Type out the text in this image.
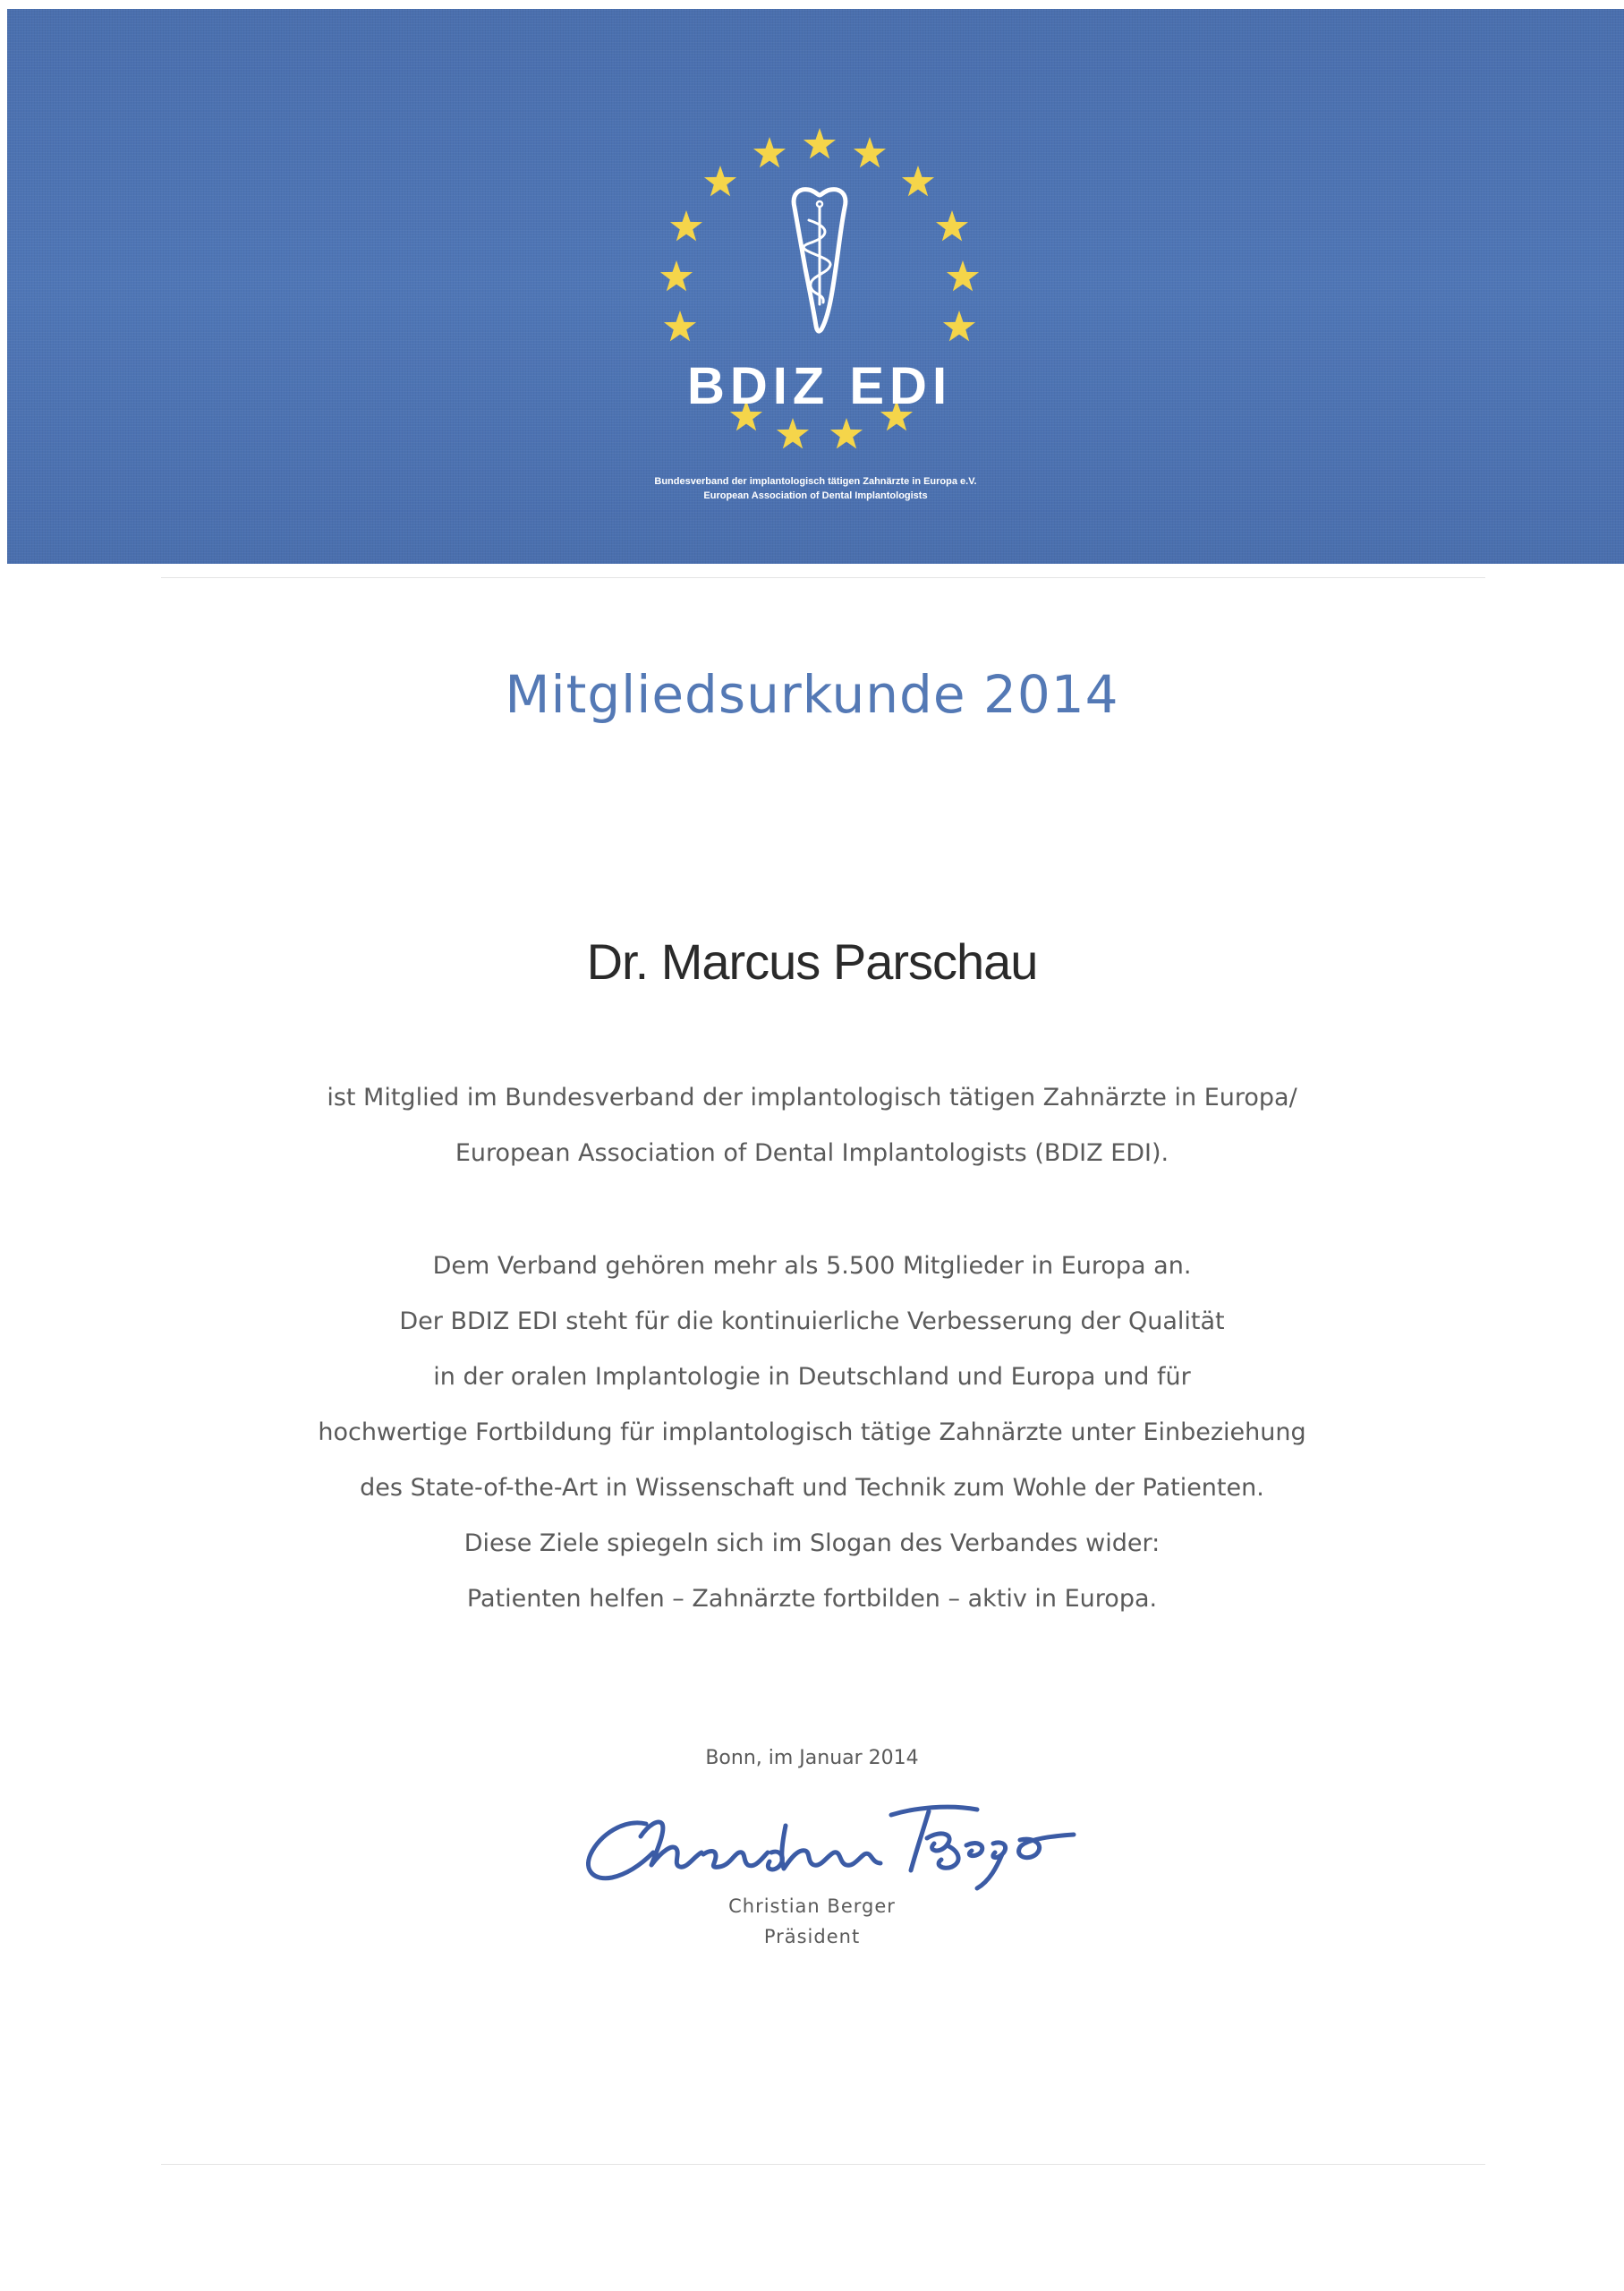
BDIZ EDI
Bundesverband der implantologisch tätigen Zahnärzte in Europa e.V.
European Association of Dental Implantologists
Mitgliedsurkunde 2014
Dr. Marcus Parschau

ist Mitglied im Bundesverband der implantologisch tätigen Zahnärzte in Europa/

European Association of Dental Implantologists (BDIZ EDI).

Dem Verband gehören mehr als 5.500 Mitglieder in Europa an.

Der BDIZ EDI steht für die kontinuierliche Verbesserung der Qualität

in der oralen Implantologie in Deutschland und Europa und für

hochwertige Fortbildung für implantologisch tätige Zahnärzte unter Einbeziehung

des State-of-the-Art in Wissenschaft und Technik zum Wohle der Patienten.

Diese Ziele spiegeln sich im Slogan des Verbandes wider:

Patienten helfen – Zahnärzte fortbilden – aktiv in Europa.

Bonn, im Januar 2014
Christian Berger
Präsident
